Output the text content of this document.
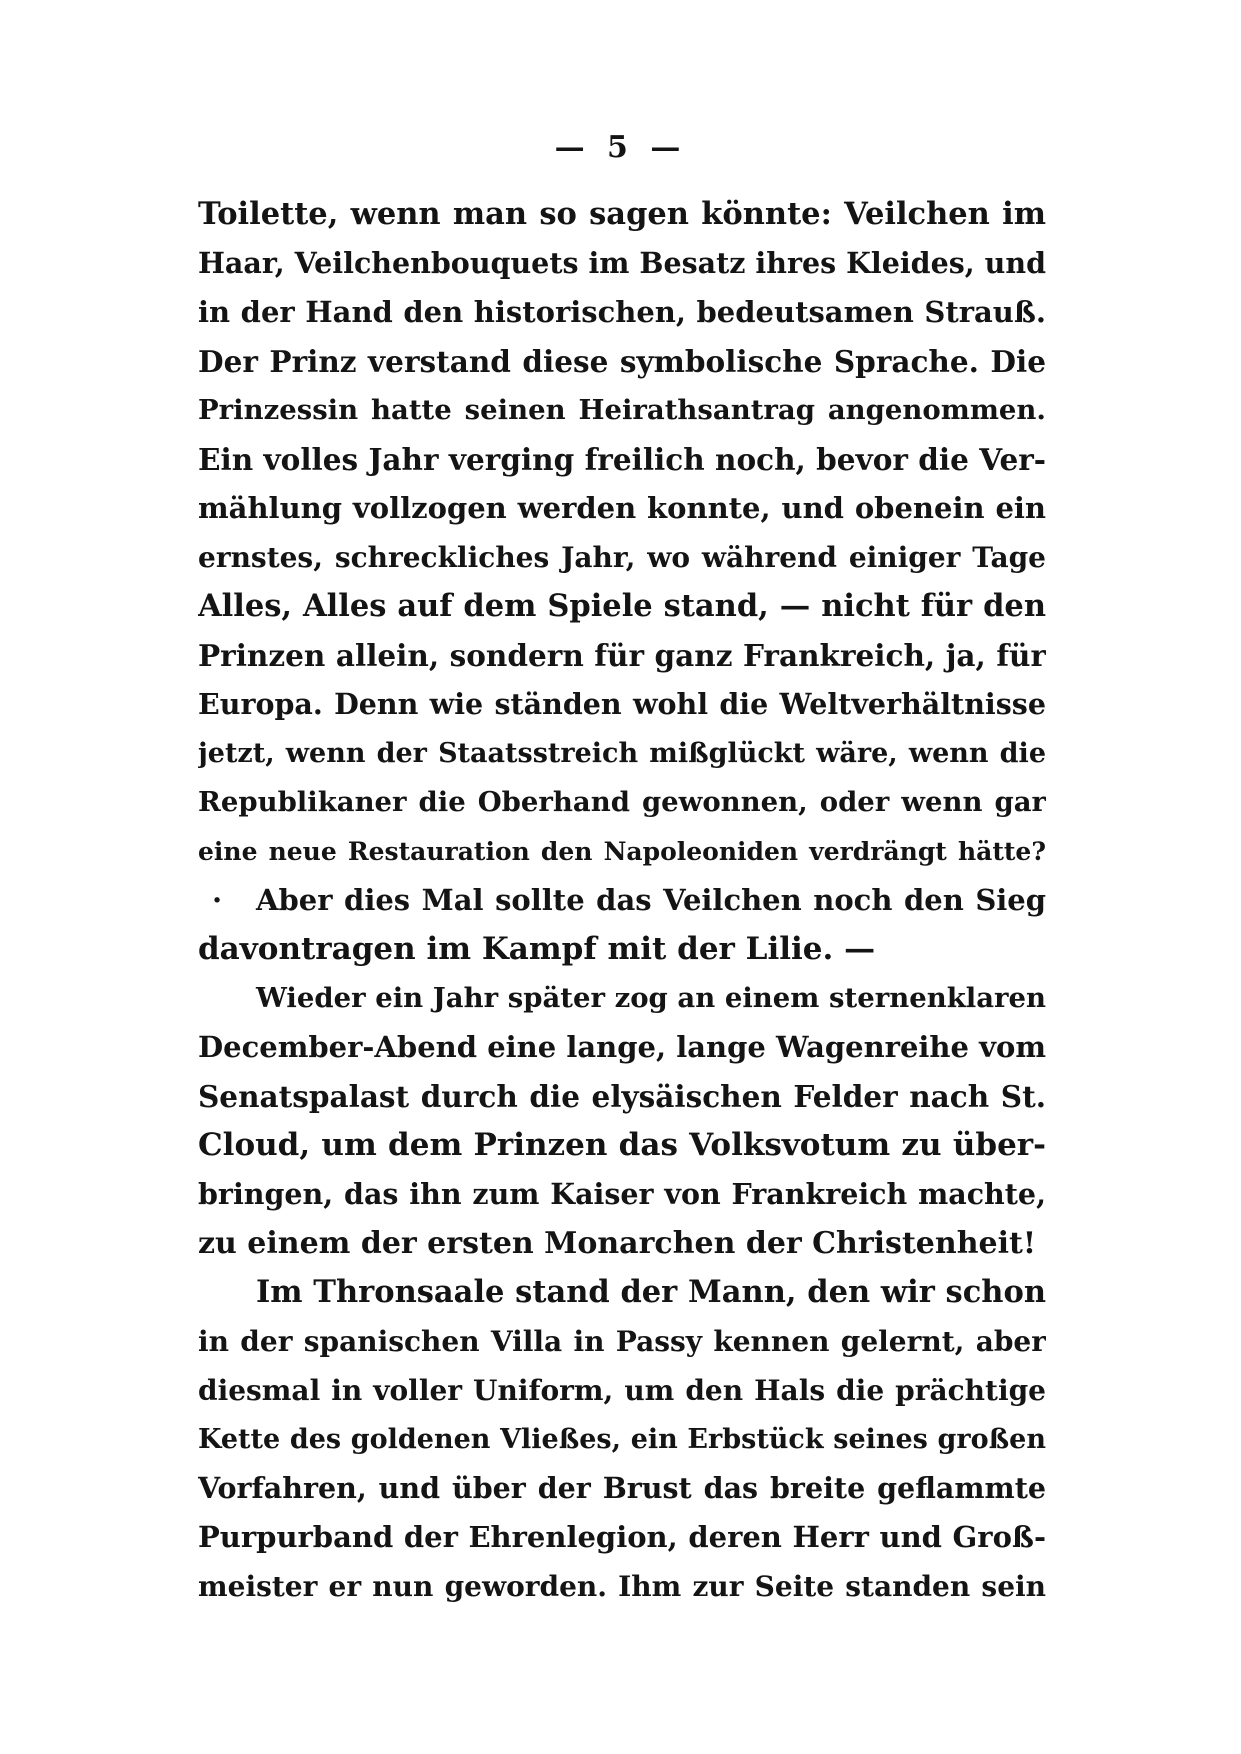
— 5 —
Toilette, wenn man so sagen könnte: Veilchen im
Haar, Veilchenbouquets im Besatz ihres Kleides, und
in der Hand den historischen, bedeutsamen Strauß.
Der Prinz verstand diese symbolische Sprache. Die
Prinzessin hatte seinen Heirathsantrag angenommen.
Ein volles Jahr verging freilich noch, bevor die Ver-
mählung vollzogen werden konnte, und obenein ein
ernstes, schreckliches Jahr, wo während einiger Tage
Alles, Alles auf dem Spiele stand, — nicht für den
Prinzen allein, sondern für ganz Frankreich, ja, für
Europa. Denn wie ständen wohl die Weltverhältnisse
jetzt, wenn der Staatsstreich mißglückt wäre, wenn die
Republikaner die Oberhand gewonnen, oder wenn gar
eine neue Restauration den Napoleoniden verdrängt hätte?
· Aber dies Mal sollte das Veilchen noch den Sieg
davontragen im Kampf mit der Lilie. —
Wieder ein Jahr später zog an einem sternenklaren
December-Abend eine lange, lange Wagenreihe vom
Senatspalast durch die elysäischen Felder nach St.
Cloud, um dem Prinzen das Volksvotum zu über-
bringen, das ihn zum Kaiser von Frankreich machte,
zu einem der ersten Monarchen der Christenheit!
Im Thronsaale stand der Mann, den wir schon
in der spanischen Villa in Passy kennen gelernt, aber
diesmal in voller Uniform, um den Hals die prächtige
Kette des goldenen Vließes, ein Erbstück seines großen
Vorfahren, und über der Brust das breite geflammte
Purpurband der Ehrenlegion, deren Herr und Groß-
meister er nun geworden. Ihm zur Seite standen sein
